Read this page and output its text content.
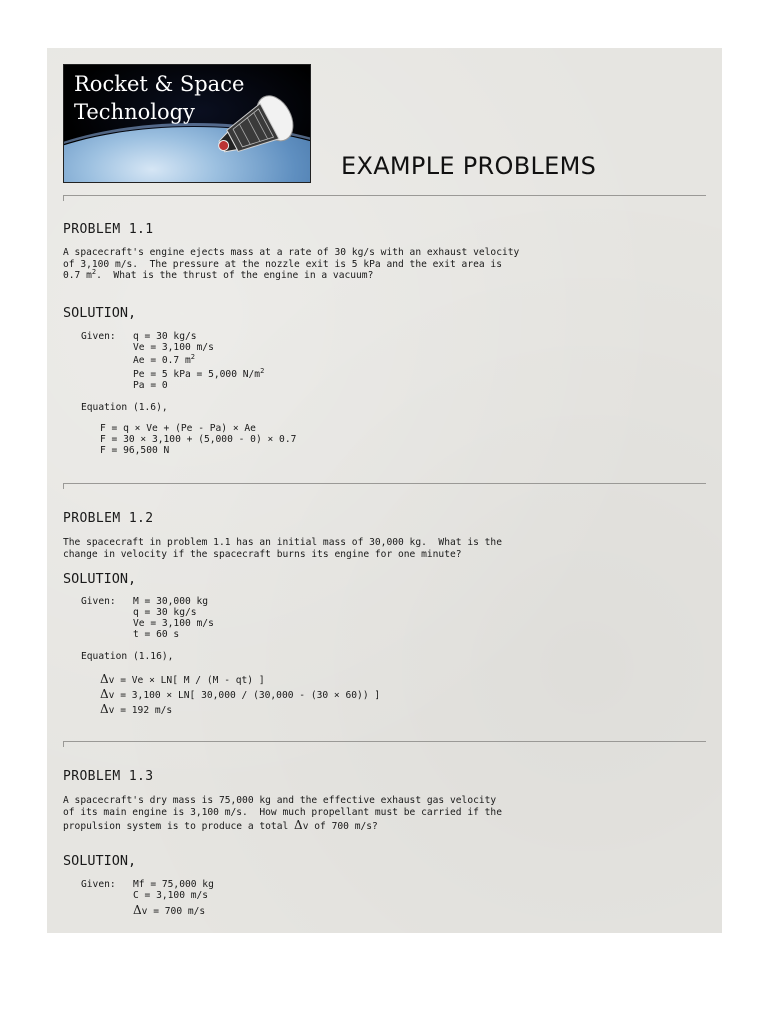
Rocket & Space
Technology
EXAMPLE PROBLEMS
PROBLEM 1.1
A spacecraft's engine ejects mass at a rate of 30 kg/s with an exhaust velocity
of 3,100 m/s.  The pressure at the nozzle exit is 5 kPa and the exit area is
0.7 $m^2$.  What is the thrust of the engine in a vacuum?
SOLUTION,
Given: q = 30 kg/s
Ve = 3,100 m/s
Ae = 0.7 $m^2$
Pe = 5 kPa = 5,000 $N/m^2$
Pa = 0
Equation (1.6),
F = q × Ve + (Pe - Pa) × Ae
F = 30 × 3,100 + (5,000 - 0) × 0.7
F = 96,500 N
PROBLEM 1.2
The spacecraft in problem 1.1 has an initial mass of 30,000 kg.  What is the
change in velocity if the spacecraft burns its engine for one minute?
SOLUTION,
Given: M = 30,000 kg
q = 30 kg/s
Ve = 3,100 m/s
t = 60 s
Equation (1.16),
Δv = Ve × LN[ M / (M - qt) ]
Δv = 3,100 × LN[ 30,000 / (30,000 - (30 × 60)) ]
Δv = 192 m/s
PROBLEM 1.3
A spacecraft's dry mass is 75,000 kg and the effective exhaust gas velocity
of its main engine is 3,100 m/s.  How much propellant must be carried if the
propulsion system is to produce a total Δv of 700 m/s?
SOLUTION,
Given: Mf = 75,000 kg
C = 3,100 m/s
Δv = 700 m/s
